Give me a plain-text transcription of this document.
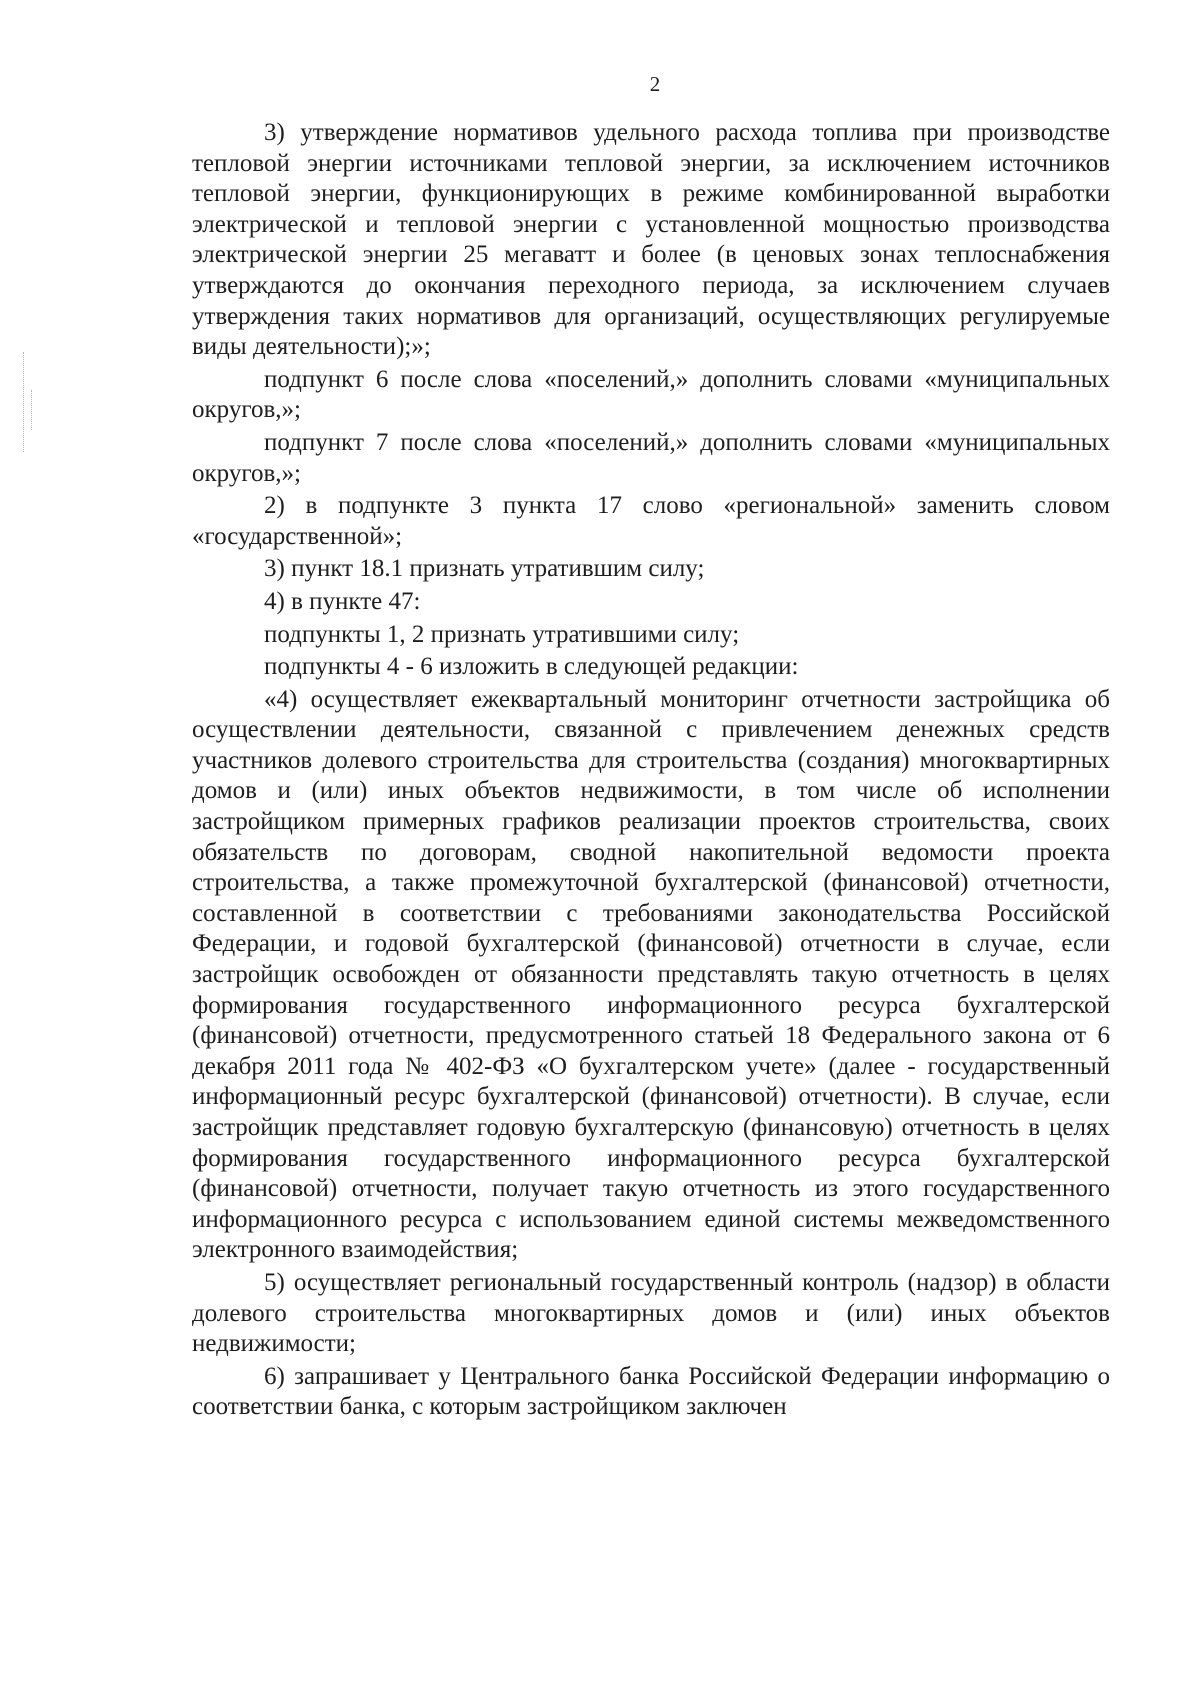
2

3) утверждение нормативов удельного расхода топлива при производстве тепловой энергии источниками тепловой энергии, за исключением источников тепловой энергии, функционирующих в режиме комбинированной выработки электрической и тепловой энергии с установленной мощностью производства электрической энергии 25 мегаватт и более (в ценовых зонах теплоснабжения утверждаются до окончания переходного периода, за исключением случаев утверждения таких нормативов для организаций, осуществляющих регулируемые виды деятельности);»;

подпункт 6 после слова «поселений,» дополнить словами «муниципальных округов,»;

подпункт 7 после слова «поселений,» дополнить словами «муниципальных округов,»;

2) в подпункте 3 пункта 17 слово «региональной» заменить словом «государственной»;

3) пункт 18.1 признать утратившим силу;

4) в пункте 47:

подпункты 1, 2 признать утратившими силу;

подпункты 4 - 6 изложить в следующей редакции:

«4) осуществляет ежеквартальный мониторинг отчетности застройщика об осуществлении деятельности, связанной с привлечением денежных средств участников долевого строительства для строительства (создания) многоквартирных домов и (или) иных объектов недвижимости, в том числе об исполнении застройщиком примерных графиков реализации проектов строительства, своих обязательств по договорам, сводной накопительной ведомости проекта строительства, а также промежуточной бухгалтерской (финансовой) отчетности, составленной в соответствии с требованиями законодательства Российской Федерации, и годовой бухгалтерской (финансовой) отчетности в случае, если застройщик освобожден от обязанности представлять такую отчетность в целях формирования государственного информационного ресурса бухгалтерской (финансовой) отчетности, предусмотренного статьей 18 Федерального закона от 6 декабря 2011 года № 402-ФЗ «О бухгалтерском учете» (далее - государственный информационный ресурс бухгалтерской (финансовой) отчетности). В случае, если застройщик представляет годовую бухгалтерскую (финансовую) отчетность в целях формирования государственного информационного ресурса бухгалтерской (финансовой) отчетности, получает такую отчетность из этого государственного информационного ресурса с использованием единой системы межведомственного электронного взаимодействия;

5) осуществляет региональный государственный контроль (надзор) в области долевого строительства многоквартирных домов и (или) иных объектов недвижимости;

6) запрашивает у Центрального банка Российской Федерации информацию о соответствии банка, с которым застройщиком заключен
